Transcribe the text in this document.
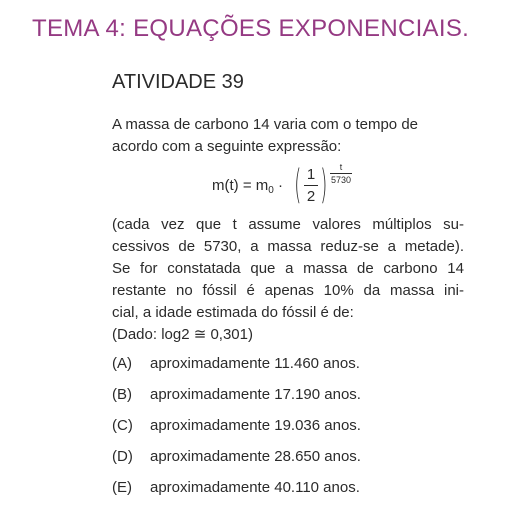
TEMA 4: EQUAÇÕES EXPONENCIAIS.
ATIVIDADE 39
A massa de carbono 14 varia com o tempo de
acordo com a seguinte expressão:
$m(t) = m_0$ · ( 1
2 )	t
5730
(cada vez que t assume valores múltiplos su-
cessivos de 5730, a massa reduz-se a metade).
Se for constatada que a massa de carbono 14
restante no fóssil é apenas 10% da massa ini-
cial, a idade estimada do fóssil é de:
(Dado: log2 ≅ 0,301)
(A) aproximadamente 11.460 anos.
(B) aproximadamente 17.190 anos.
(C) aproximadamente 19.036 anos.
(D) aproximadamente 28.650 anos.
(E) aproximadamente 40.110 anos.
